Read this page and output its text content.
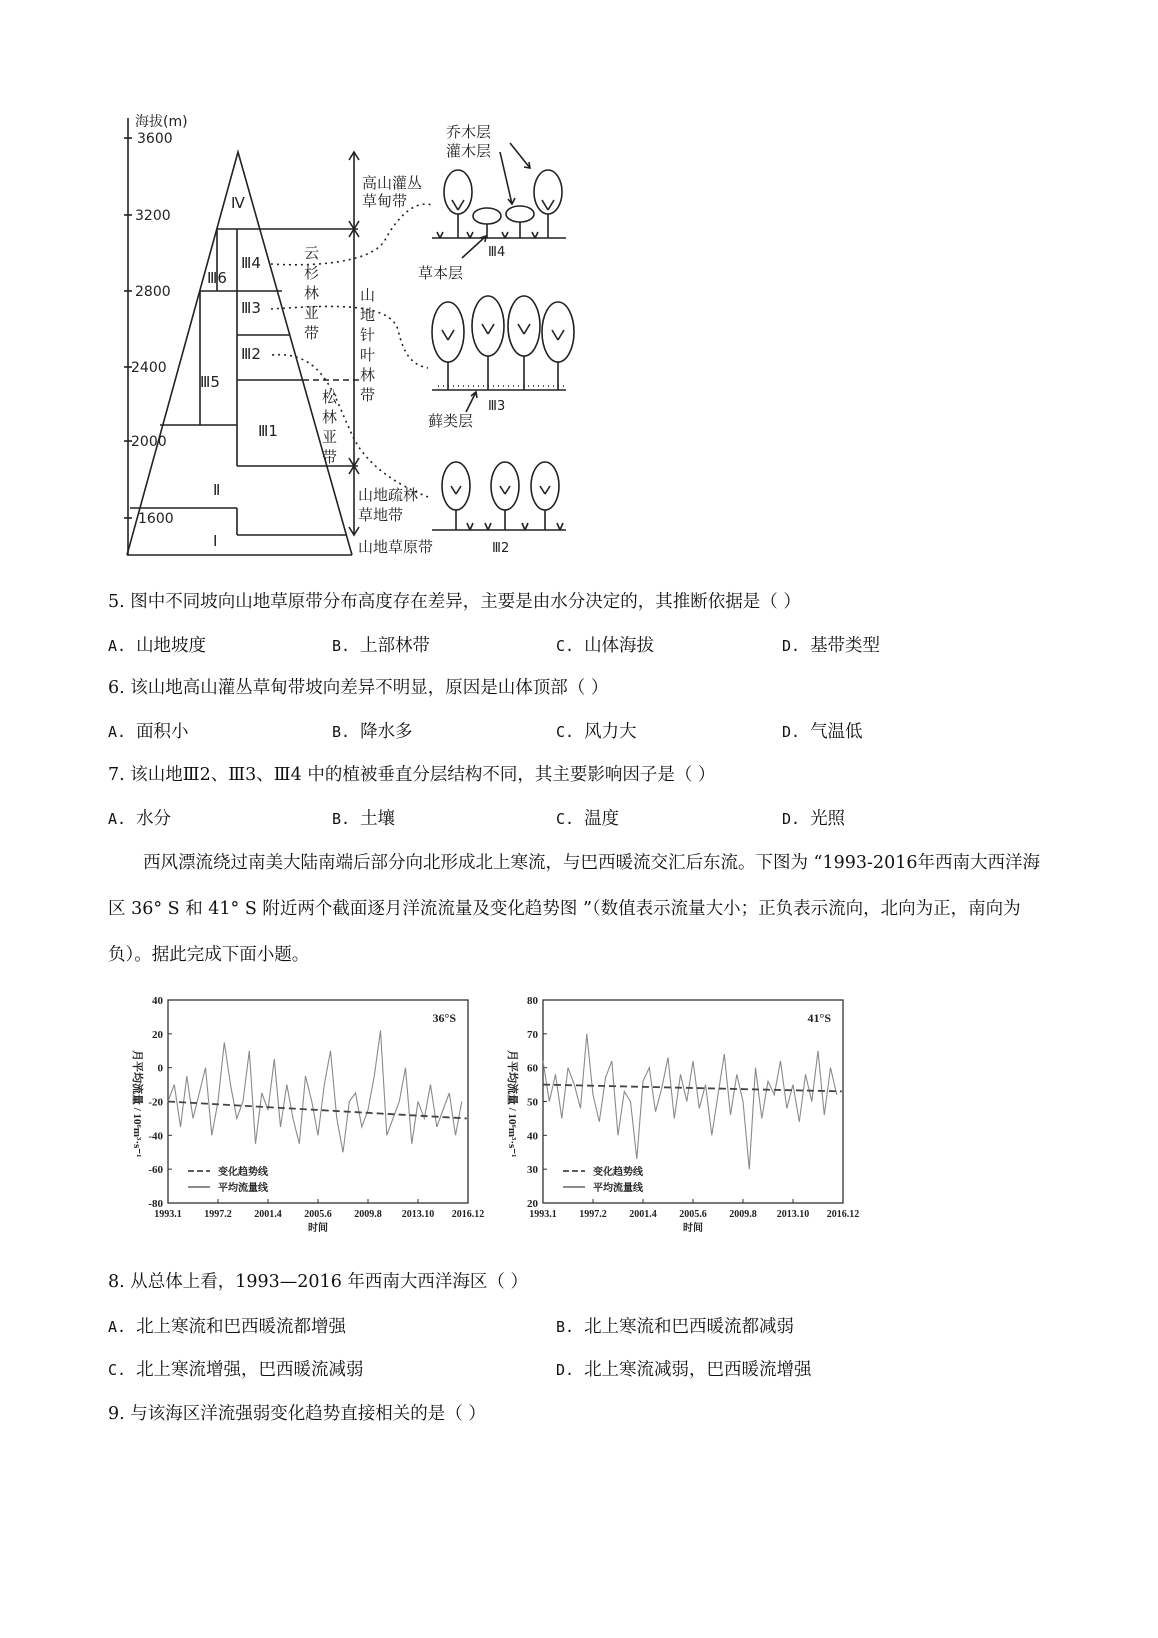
海拔(m)
3600
3200
2800
2400
2000
1600
Ⅳ
Ⅲ6
Ⅲ4
Ⅲ3
Ⅲ2
Ⅲ5
Ⅲ1
Ⅱ
Ⅰ
高山灌丛
草甸带
云
杉
林
亚
带
山
地
针
叶
林
带
松
林
亚
带
山地疏林
草地带
山地草原带
乔木层
灌木层
草本层
Ⅲ4
藓类层
Ⅲ3
Ⅲ2
5. 图中不同坡向山地草原带分布高度存在差异，主要是由水分决定的，其推断依据是（ ）
A. 山地坡度	B. 上部林带	C. 山体海拔	D. 基带类型
6. 该山地高山灌丛草甸带坡向差异不明显，原因是山体顶部（ ）
A. 面积小	B. 降水多	C. 风力大	D. 气温低
7. 该山地Ⅲ2、Ⅲ3、Ⅲ4 中的植被垂直分层结构不同，其主要影响因子是（ ）
A. 水分	B. 土壤	C. 温度	D. 光照
西风漂流绕过南美大陆南端后部分向北形成北上寒流，与巴西暖流交汇后东流。下图为 “1993-2016年西南大西洋海区 36° S 和 41° S 附近两个截面逐月洋流流量及变化趋势图 ”（数值表示流量大小；正负表示流向，北向为正，南向为负）。据此完成下面小题。
40
20
0
-20
-40
-60
-80
1993.1 1997.2 2001.4 2005.6 2009.8 2013.10 2016.12
时间
36°S
月平均流量 / 10⁶m³·s⁻¹
变化趋势线
平均流量线
80
70
60
50
40
30
20
1993.1 1997.2 2001.4 2005.6 2009.8 2013.10 2016.12
时间
41°S
月平均流量 / 10⁶m³·s⁻¹
变化趋势线
平均流量线
8. 从总体上看，1993—2016 年西南大西洋海区（ ）
A. 北上寒流和巴西暖流都增强	B. 北上寒流和巴西暖流都减弱
C. 北上寒流增强，巴西暖流减弱	D. 北上寒流减弱，巴西暖流增强
9. 与该海区洋流强弱变化趋势直接相关的是（ ）
